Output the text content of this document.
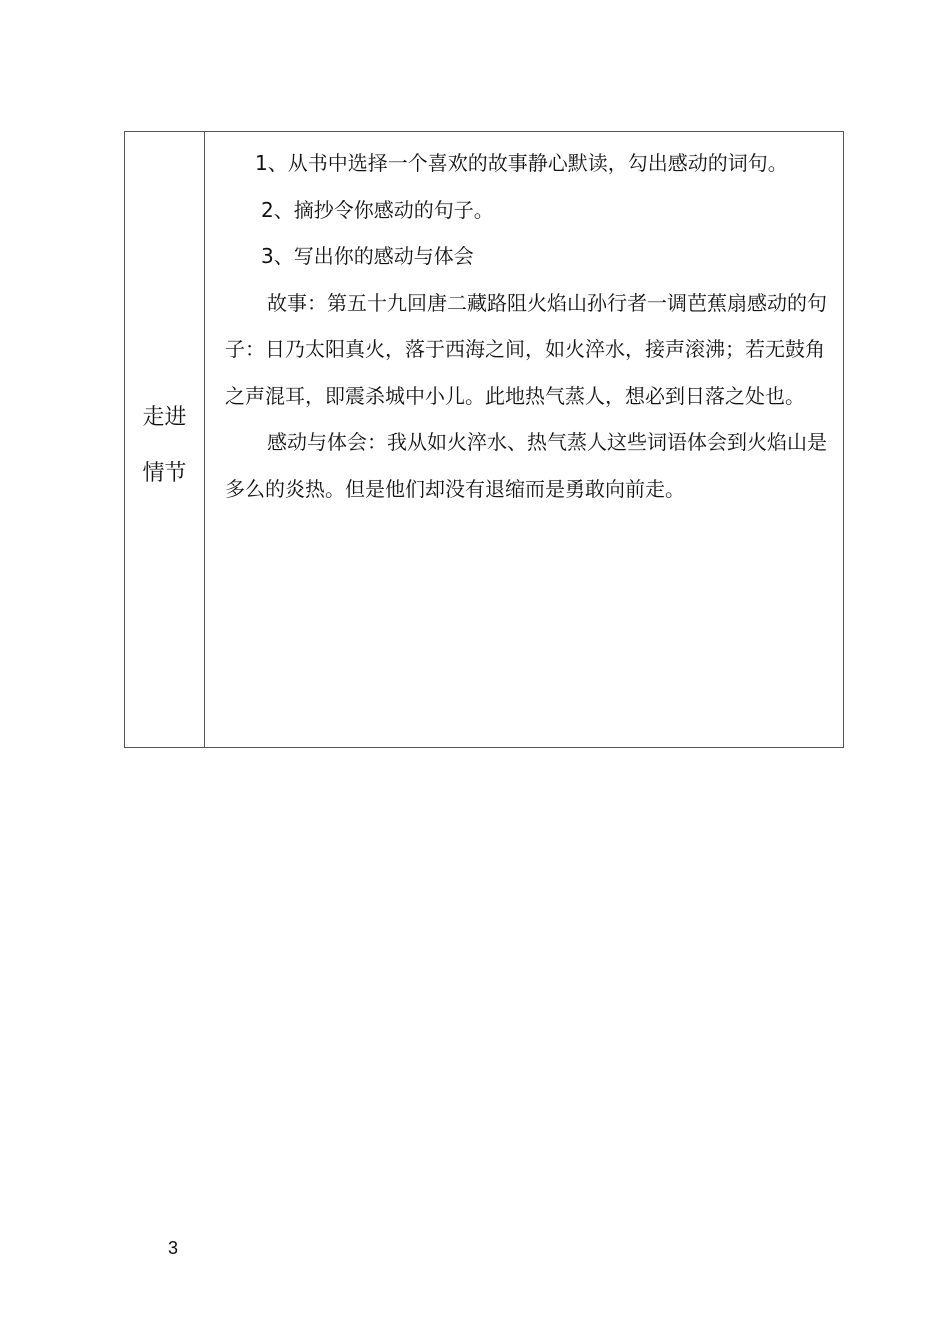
走进情节

1、从书中选择一个喜欢的故事静心默读，勾出感动的词句。

2、摘抄令你感动的句子。

3、写出你的感动与体会

故事：第五十九回唐二藏路阻火焰山孙行者一调芭蕉扇感动的句子：日乃太阳真火，落于西海之间，如火淬水，接声滚沸；若无鼓角之声混耳，即震杀城中小儿。此地热气蒸人，想必到日落之处也。

感动与体会：我从如火淬水、热气蒸人这些词语体会到火焰山是多么的炎热。但是他们却没有退缩而是勇敢向前走。

3
